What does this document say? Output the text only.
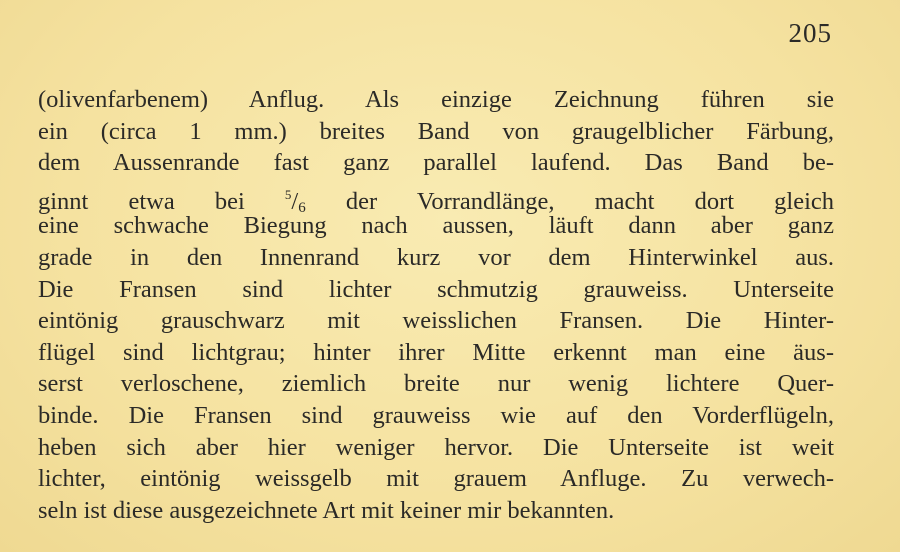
205
(olivenfarbenem) Anflug. Als einzige Zeichnung führen sie
ein (circa 1 mm.) breites Band von graugelblicher Färbung,
dem Aussenrande fast ganz parallel laufend. Das Band be-
ginnt etwa bei	$^5$/6 der Vorrandlänge, macht dort gleich
eine schwache Biegung nach aussen, läuft dann aber ganz
grade in den Innenrand kurz vor dem Hinterwinkel aus.
Die Fransen sind lichter schmutzig grauweiss. Unterseite
eintönig grauschwarz mit weisslichen Fransen. Die Hinter-
flügel sind lichtgrau; hinter ihrer Mitte erkennt man eine äus-
serst verloschene, ziemlich breite nur wenig lichtere Quer-
binde. Die Fransen sind grauweiss wie auf den Vorderflügeln,
heben sich aber hier weniger hervor. Die Unterseite ist weit
lichter, eintönig weissgelb mit grauem Anfluge. Zu verwech-
seln ist diese ausgezeichnete Art mit keiner mir bekannten.
